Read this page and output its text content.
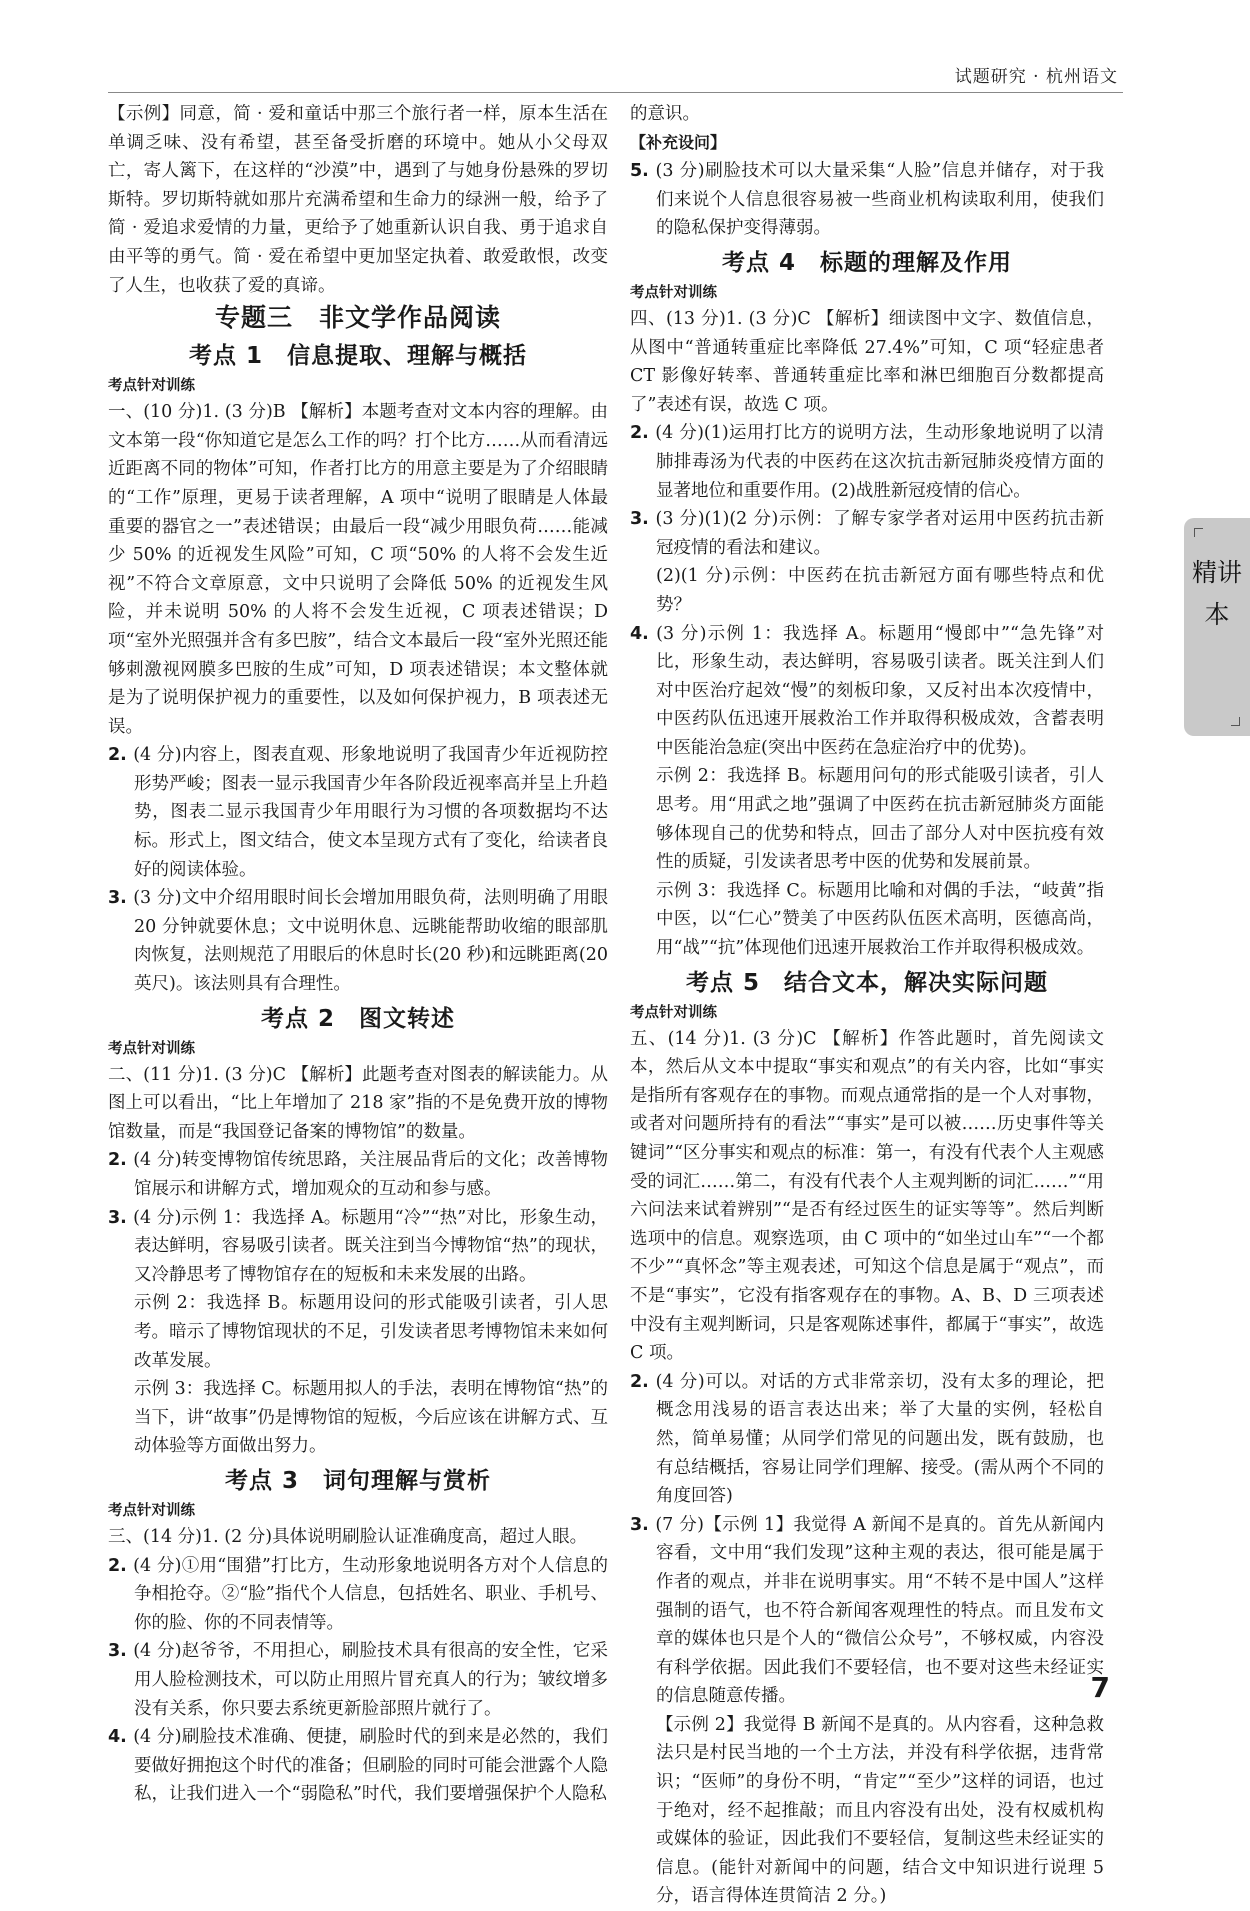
试题研究 · 杭州语文

【示例】同意，简 · 爱和童话中那三个旅行者一样，原本生活在单调乏味、没有希望，甚至备受折磨的环境中。她从小父母双亡，寄人篱下，在这样的“沙漠”中，遇到了与她身份悬殊的罗切斯特。罗切斯特就如那片充满希望和生命力的绿洲一般，给予了简 · 爱追求爱情的力量，更给予了她重新认识自我、勇于追求自由平等的勇气。简 · 爱在希望中更加坚定执着、敢爱敢恨，改变了人生，也收获了爱的真谛。

专题三　非文学作品阅读
考点 1　信息提取、理解与概括
考点针对训练

一、(10 分)1. (3 分)B 【解析】本题考查对文本内容的理解。由文本第一段“你知道它是怎么工作的吗？打个比方……从而看清远近距离不同的物体”可知，作者打比方的用意主要是为了介绍眼睛的“工作”原理，更易于读者理解，A 项中“说明了眼睛是人体最重要的器官之一”表述错误；由最后一段“减少用眼负荷……能减少 50% 的近视发生风险”可知，C 项“50% 的人将不会发生近视”不符合文章原意，文中只说明了会降低 50% 的近视发生风险，并未说明 50% 的人将不会发生近视，C 项表述错误；D 项“室外光照强并含有多巴胺”，结合文本最后一段“室外光照还能够刺激视网膜多巴胺的生成”可知，D 项表述错误；本文整体就是为了说明保护视力的重要性，以及如何保护视力，B 项表述无误。

2. (4 分)内容上，图表直观、形象地说明了我国青少年近视防控形势严峻；图表一显示我国青少年各阶段近视率高并呈上升趋势，图表二显示我国青少年用眼行为习惯的各项数据均不达标。形式上，图文结合，使文本呈现方式有了变化，给读者良好的阅读体验。

3. (3 分)文中介绍用眼时间长会增加用眼负荷，法则明确了用眼 20 分钟就要休息；文中说明休息、远眺能帮助收缩的眼部肌肉恢复，法则规范了用眼后的休息时长(20 秒)和远眺距离(20 英尺)。该法则具有合理性。

考点 2　图文转述
考点针对训练

二、(11 分)1. (3 分)C 【解析】此题考查对图表的解读能力。从图上可以看出，“比上年增加了 218 家”指的不是免费开放的博物馆数量，而是“我国登记备案的博物馆”的数量。

2. (4 分)转变博物馆传统思路，关注展品背后的文化；改善博物馆展示和讲解方式，增加观众的互动和参与感。

3. (4 分)示例 1：我选择 A。标题用“冷”“热”对比，形象生动，表达鲜明，容易吸引读者。既关注到当今博物馆“热”的现状，又冷静思考了博物馆存在的短板和未来发展的出路。

示例 2：我选择 B。标题用设问的形式能吸引读者，引人思考。暗示了博物馆现状的不足，引发读者思考博物馆未来如何改革发展。

示例 3：我选择 C。标题用拟人的手法，表明在博物馆“热”的当下，讲“故事”仍是博物馆的短板，今后应该在讲解方式、互动体验等方面做出努力。

考点 3　词句理解与赏析
考点针对训练

三、(14 分)1. (2 分)具体说明刷脸认证准确度高，超过人眼。

2. (4 分)①用“围猎”打比方，生动形象地说明各方对个人信息的争相抢夺。②“脸”指代个人信息，包括姓名、职业、手机号、你的脸、你的不同表情等。

3. (4 分)赵爷爷，不用担心，刷脸技术具有很高的安全性，它采用人脸检测技术，可以防止用照片冒充真人的行为；皱纹增多没有关系，你只要去系统更新脸部照片就行了。

4. (4 分)刷脸技术准确、便捷，刷脸时代的到来是必然的，我们要做好拥抱这个时代的准备；但刷脸的同时可能会泄露个人隐私，让我们进入一个“弱隐私”时代，我们要增强保护个人隐私

的意识。

【补充设问】

5. (3 分)刷脸技术可以大量采集“人脸”信息并储存，对于我们来说个人信息很容易被一些商业机构读取利用，使我们的隐私保护变得薄弱。

考点 4　标题的理解及作用
考点针对训练

四、(13 分)1. (3 分)C 【解析】细读图中文字、数值信息，从图中“普通转重症比率降低 27.4%”可知，C 项“轻症患者 CT 影像好转率、普通转重症比率和淋巴细胞百分数都提高了”表述有误，故选 C 项。

2. (4 分)(1)运用打比方的说明方法，生动形象地说明了以清肺排毒汤为代表的中医药在这次抗击新冠肺炎疫情方面的显著地位和重要作用。(2)战胜新冠疫情的信心。

3. (3 分)(1)(2 分)示例：了解专家学者对运用中医药抗击新冠疫情的看法和建议。

(2)(1 分)示例：中医药在抗击新冠方面有哪些特点和优势？

4. (3 分)示例 1：我选择 A。标题用“慢郎中”“急先锋”对比，形象生动，表达鲜明，容易吸引读者。既关注到人们对中医治疗起效“慢”的刻板印象，又反衬出本次疫情中，中医药队伍迅速开展救治工作并取得积极成效，含蓄表明中医能治急症(突出中医药在急症治疗中的优势)。

示例 2：我选择 B。标题用问句的形式能吸引读者，引人思考。用“用武之地”强调了中医药在抗击新冠肺炎方面能够体现自己的优势和特点，回击了部分人对中医抗疫有效性的质疑，引发读者思考中医的优势和发展前景。

示例 3：我选择 C。标题用比喻和对偶的手法，“岐黄”指中医，以“仁心”赞美了中医药队伍医术高明，医德高尚，用“战”“抗”体现他们迅速开展救治工作并取得积极成效。

考点 5　结合文本，解决实际问题
考点针对训练

五、(14 分)1. (3 分)C 【解析】作答此题时，首先阅读文本，然后从文本中提取“事实和观点”的有关内容，比如“事实是指所有客观存在的事物。而观点通常指的是一个人对事物，或者对问题所持有的看法”“事实”是可以被……历史事件等关键词”“区分事实和观点的标准：第一，有没有代表个人主观感受的词汇……第二，有没有代表个人主观判断的词汇……”“用六问法来试着辨别”“是否有经过医生的证实等等”。然后判断选项中的信息。观察选项，由 C 项中的“如坐过山车”“一个都不少”“真怀念”等主观表述，可知这个信息是属于“观点”，而不是“事实”，它没有指客观存在的事物。A、B、D 三项表述中没有主观判断词，只是客观陈述事件，都属于“事实”，故选 C 项。

2. (4 分)可以。对话的方式非常亲切，没有太多的理论，把概念用浅易的语言表达出来；举了大量的实例，轻松自然，简单易懂；从同学们常见的问题出发，既有鼓励，也有总结概括，容易让同学们理解、接受。(需从两个不同的角度回答)

3. (7 分)【示例 1】我觉得 A 新闻不是真的。首先从新闻内容看，文中用“我们发现”这种主观的表达，很可能是属于作者的观点，并非在说明事实。用“不转不是中国人”这样强制的语气，也不符合新闻客观理性的特点。而且发布文章的媒体也只是个人的“微信公众号”，不够权威，内容没有科学依据。因此我们不要轻信，也不要对这些未经证实的信息随意传播。

【示例 2】我觉得 B 新闻不是真的。从内容看，这种急救法只是村民当地的一个土方法，并没有科学依据，违背常识；“医师”的身份不明，“肯定”“至少”这样的词语，也过于绝对，经不起推敲；而且内容没有出处，没有权威机构或媒体的验证，因此我们不要轻信，复制这些未经证实的信息。(能针对新闻中的问题，结合文中知识进行说理 5 分，语言得体连贯简洁 2 分。)

精讲本
7
